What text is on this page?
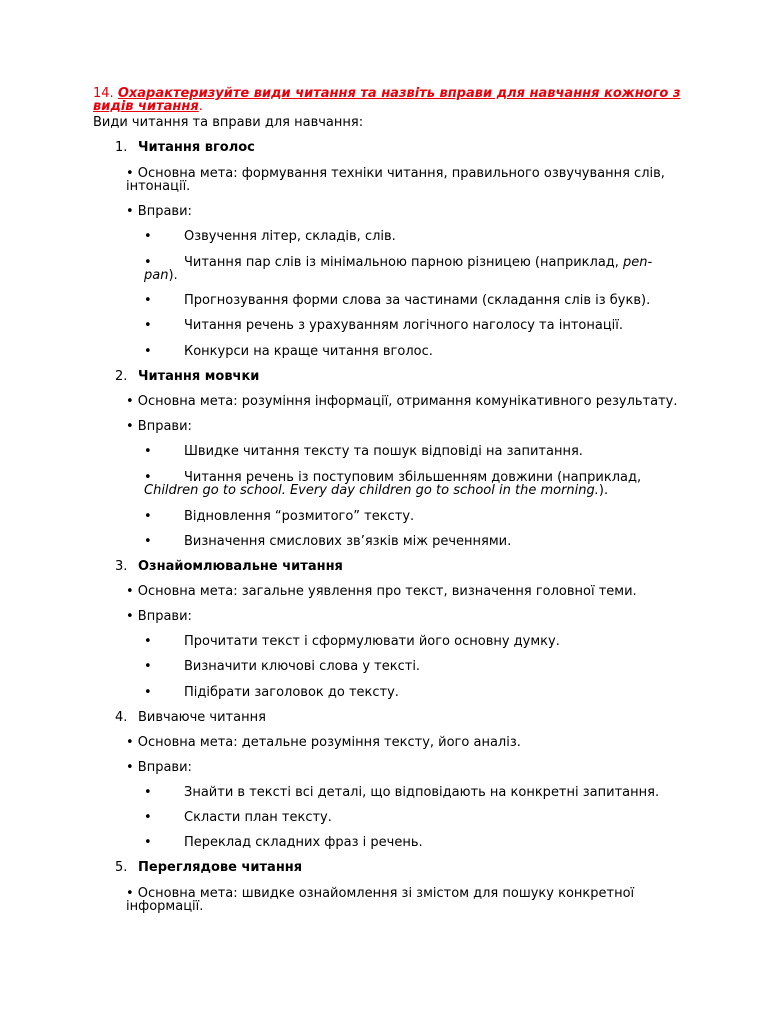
14. Охарактеризуйте види читання та назвіть вправи для навчання кожного з видів читання.
Види читання та вправи для навчання:
1. Читання вголос
• Основна мета: формування техніки читання, правильного озвучування слів,
інтонації.
• Вправи:
• Озвучення літер, складів, слів.
• Читання пар слів із мінімальною парною різницею (наприклад, pen-
pan).
• Прогнозування форми слова за частинами (складання слів із букв).
• Читання речень з урахуванням логічного наголосу та інтонації.
• Конкурси на краще читання вголос.
2. Читання мовчки
• Основна мета: розуміння інформації, отримання комунікативного результату.
• Вправи:
• Швидке читання тексту та пошук відповіді на запитання.
• Читання речень із поступовим збільшенням довжини (наприклад,
Children go to school. Every day children go to school in the morning.).
• Відновлення “розмитого” тексту.
• Визначення смислових зв’язків між реченнями.
3. Ознайомлювальне читання
• Основна мета: загальне уявлення про текст, визначення головної теми.
• Вправи:
• Прочитати текст і сформулювати його основну думку.
• Визначити ключові слова у тексті.
• Підібрати заголовок до тексту.
4. Вивчаюче читання
• Основна мета: детальне розуміння тексту, його аналіз.
• Вправи:
• Знайти в тексті всі деталі, що відповідають на конкретні запитання.
• Скласти план тексту.
• Переклад складних фраз і речень.
5. Переглядове читання
• Основна мета: швидке ознайомлення зі змістом для пошуку конкретної
інформації.
